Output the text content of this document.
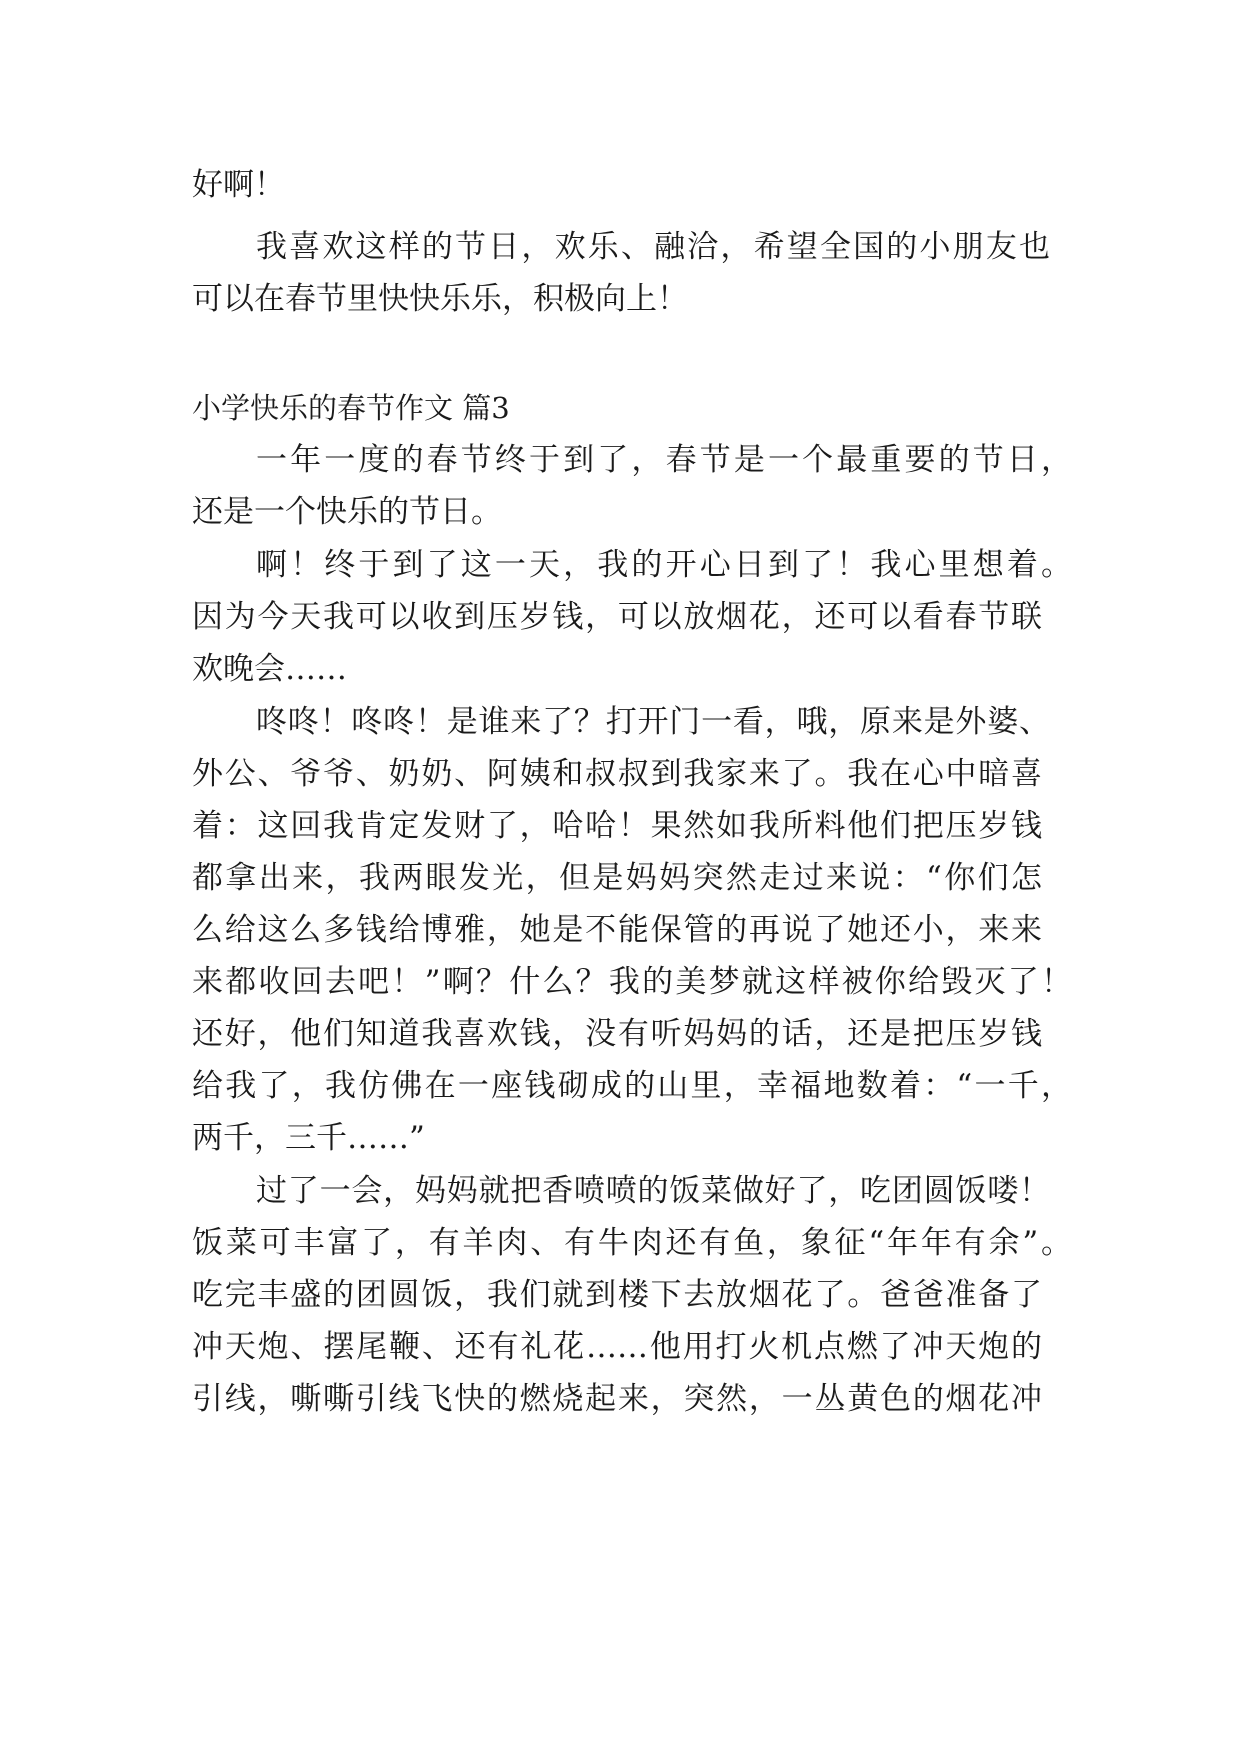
好啊！
我喜欢这样的节日，欢乐、融洽，希望全国的小朋友也
可以在春节里快快乐乐，积极向上！
小学快乐的春节作文 篇3
一年一度的春节终于到了，春节是一个最重要的节日，
还是一个快乐的节日。
啊！终于到了这一天，我的开心日到了！我心里想着。
因为今天我可以收到压岁钱，可以放烟花，还可以看春节联
欢晚会……
咚咚！咚咚！是谁来了？打开门一看，哦，原来是外婆、
外公、爷爷、奶奶、阿姨和叔叔到我家来了。我在心中暗喜
着：这回我肯定发财了，哈哈！果然如我所料他们把压岁钱
都拿出来，我两眼发光，但是妈妈突然走过来说：“你们怎
么给这么多钱给博雅，她是不能保管的再说了她还小，来来
来都收回去吧！”啊？什么？我的美梦就这样被你给毁灭了！
还好，他们知道我喜欢钱，没有听妈妈的话，还是把压岁钱
给我了，我仿佛在一座钱砌成的山里，幸福地数着：“一千，
两千，三千……”
过了一会，妈妈就把香喷喷的饭菜做好了，吃团圆饭喽！
饭菜可丰富了，有羊肉、有牛肉还有鱼，象征“年年有余”。
吃完丰盛的团圆饭，我们就到楼下去放烟花了。爸爸准备了
冲天炮、摆尾鞭、还有礼花……他用打火机点燃了冲天炮的
引线，嘶嘶引线飞快的燃烧起来，突然，一丛黄色的烟花冲
